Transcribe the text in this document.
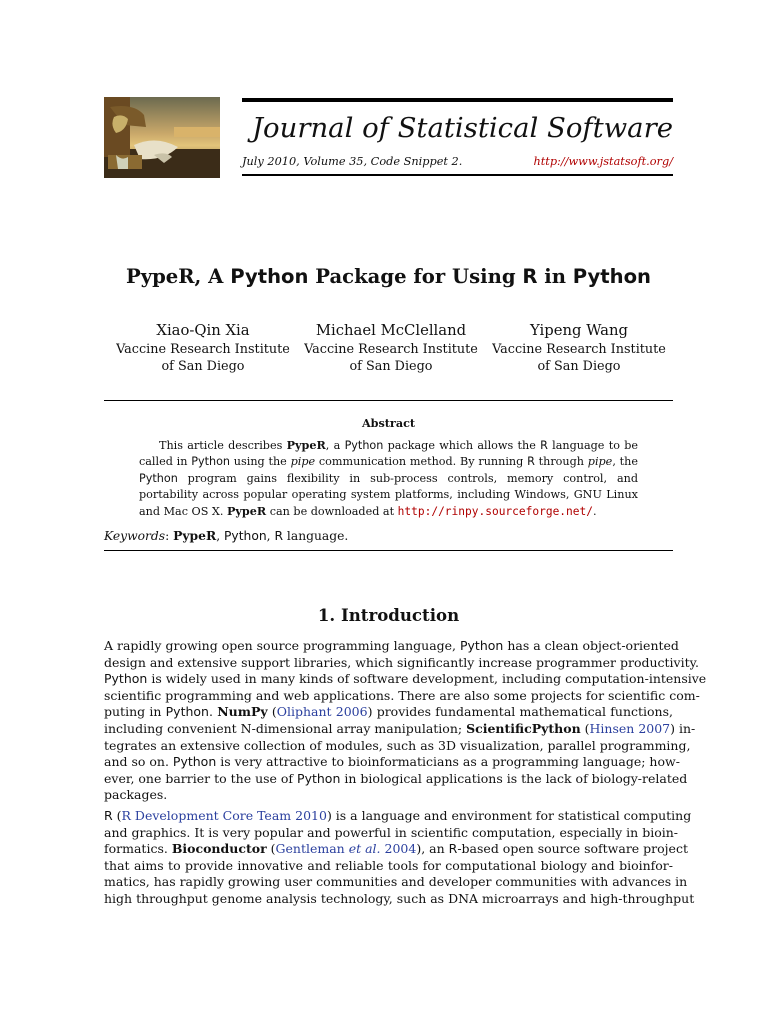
Journal of Statistical Software
July 2010, Volume 35, Code Snippet 2.	http://www.jstatsoft.org/
PypeR, A Python Package for Using R in Python
Xiao-Qin Xia
Vaccine Research Institute
of San Diego
Michael McClelland
Vaccine Research Institute
of San Diego
Yipeng Wang
Vaccine Research Institute
of San Diego
Abstract

This article describes PypeR, a Python package which allows the R language to be called in Python using the pipe communication method. By running R through pipe, the Python program gains flexibility in sub-process controls, memory control, and portability across popular operating system platforms, including Windows, GNU Linux and Mac OS X. PypeR can be downloaded at http://rinpy.sourceforge.net/.

Keywords: PypeR, Python, R language.
1. Introduction
A rapidly growing open source programming language, Python has a clean object-oriented
design and extensive support libraries, which significantly increase programmer productivity.
Python is widely used in many kinds of software development, including computation-intensive
scientific programming and web applications. There are also some projects for scientific com-
puting in Python. NumPy (Oliphant 2006) provides fundamental mathematical functions,
including convenient N-dimensional array manipulation; ScientificPython (Hinsen 2007) in-
tegrates an extensive collection of modules, such as 3D visualization, parallel programming,
and so on. Python is very attractive to bioinformaticians as a programming language; how-
ever, one barrier to the use of Python in biological applications is the lack of biology-related
packages.
R (R Development Core Team 2010) is a language and environment for statistical computing
and graphics. It is very popular and powerful in scientific computation, especially in bioin-
formatics. Bioconductor (Gentleman et al. 2004), an R-based open source software project
that aims to provide innovative and reliable tools for computational biology and bioinfor-
matics, has rapidly growing user communities and developer communities with advances in
high throughput genome analysis technology, such as DNA microarrays and high-throughput
